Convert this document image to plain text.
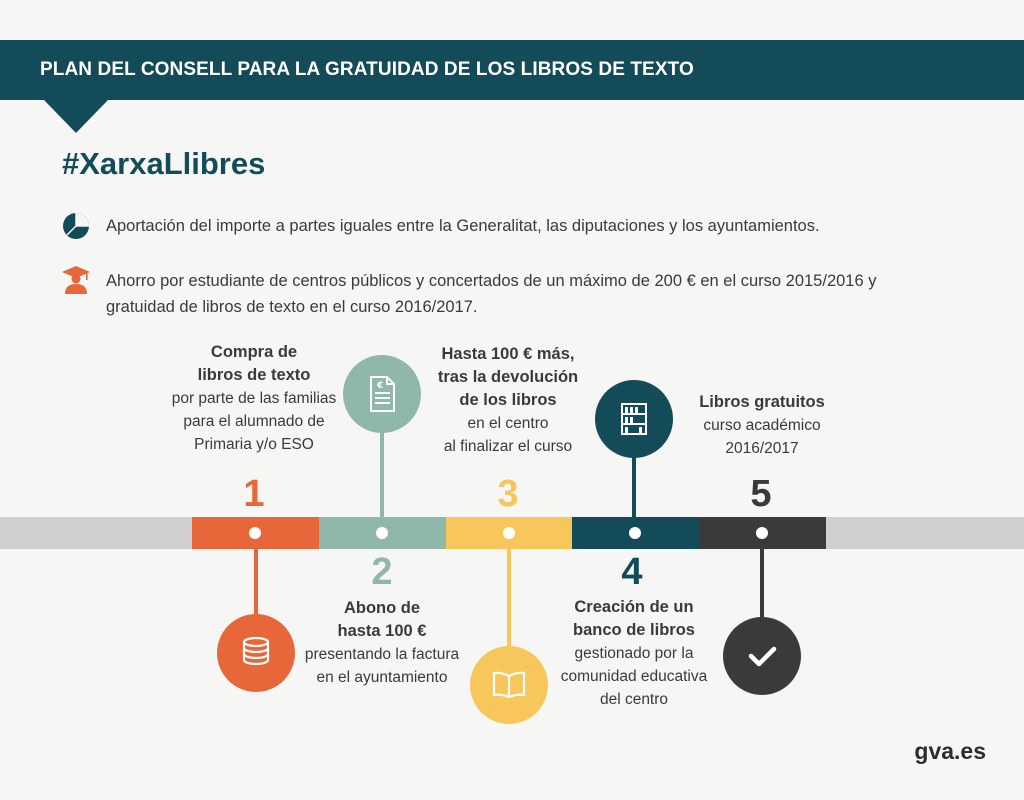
PLAN DEL CONSELL PARA LA GRATUIDAD DE LOS LIBROS DE TEXTO
#XarxaLlibres
Aportación del importe a partes iguales entre la Generalitat, las diputaciones y los ayuntamientos.
Ahorro por estudiante de centros públicos y concertados de un máximo de 200 € en el curso 2015/2016 y
gratuidad de libros de texto en el curso 2016/2017.
€
1
2
3
4
5
Compra de
libros de texto
por parte de las familias
para el alumnado de
Primaria y/o ESO
Abono de
hasta 100 €
presentando la factura
en el ayuntamiento
Hasta 100 € más,
tras la devolución
de los libros
en el centro
al finalizar el curso
Creación de un
banco de libros
gestionado por la
comunidad educativa
del centro
Libros gratuitos
curso académico
2016/2017
gva.es
